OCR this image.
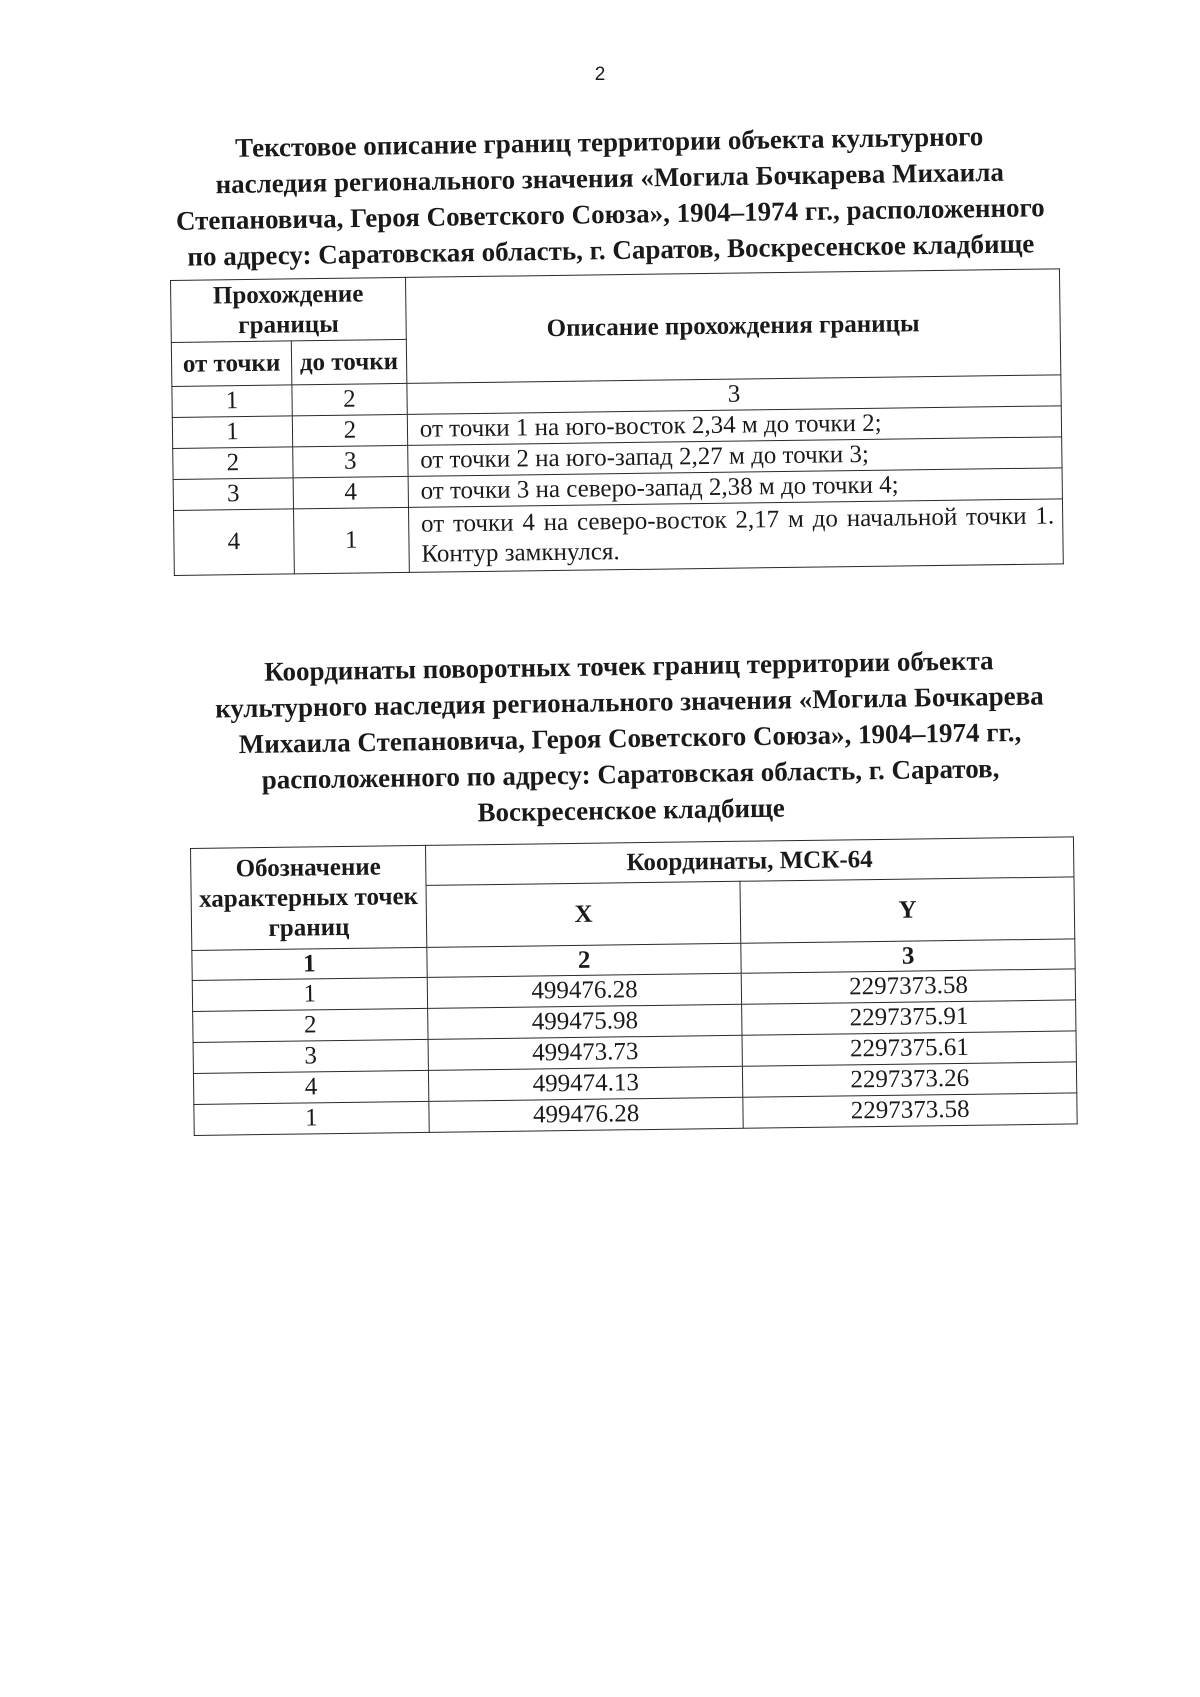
2
Текстовое описание границ территории объекта культурного
наследия регионального значения «Могила Бочкарева Михаила
Степановича, Героя Советского Союза», 1904–1974 гг., расположенного
по адресу: Саратовская область, г. Саратов, Воскресенское кладбище
Прохождение границы		Описание прохождения границы
от точки	до точки	
1	2	3
1	2	от точки 1 на юго-восток 2,34 м до точки 2;
2	3	от точки 2 на юго-запад 2,27 м до точки 3;
3	4	от точки 3 на северо-запад 2,38 м до точки 4;
4	1	от точки 4 на северо-восток 2,17 м до начальной точки 1. Контур замкнулся.
Координаты поворотных точек границ территории объекта
культурного наследия регионального значения «Могила Бочкарева
Михаила Степановича, Героя Советского Союза», 1904–1974 гг.,
расположенного по адресу: Саратовская область, г. Саратов,
Воскресенское кладбище
Обозначение характерных точек границ	Координаты, МСК-64	
	X	Y
1	2	3
1	499476.28	2297373.58
2	499475.98	2297375.91
3	499473.73	2297375.61
4	499474.13	2297373.26
1	499476.28	2297373.58
